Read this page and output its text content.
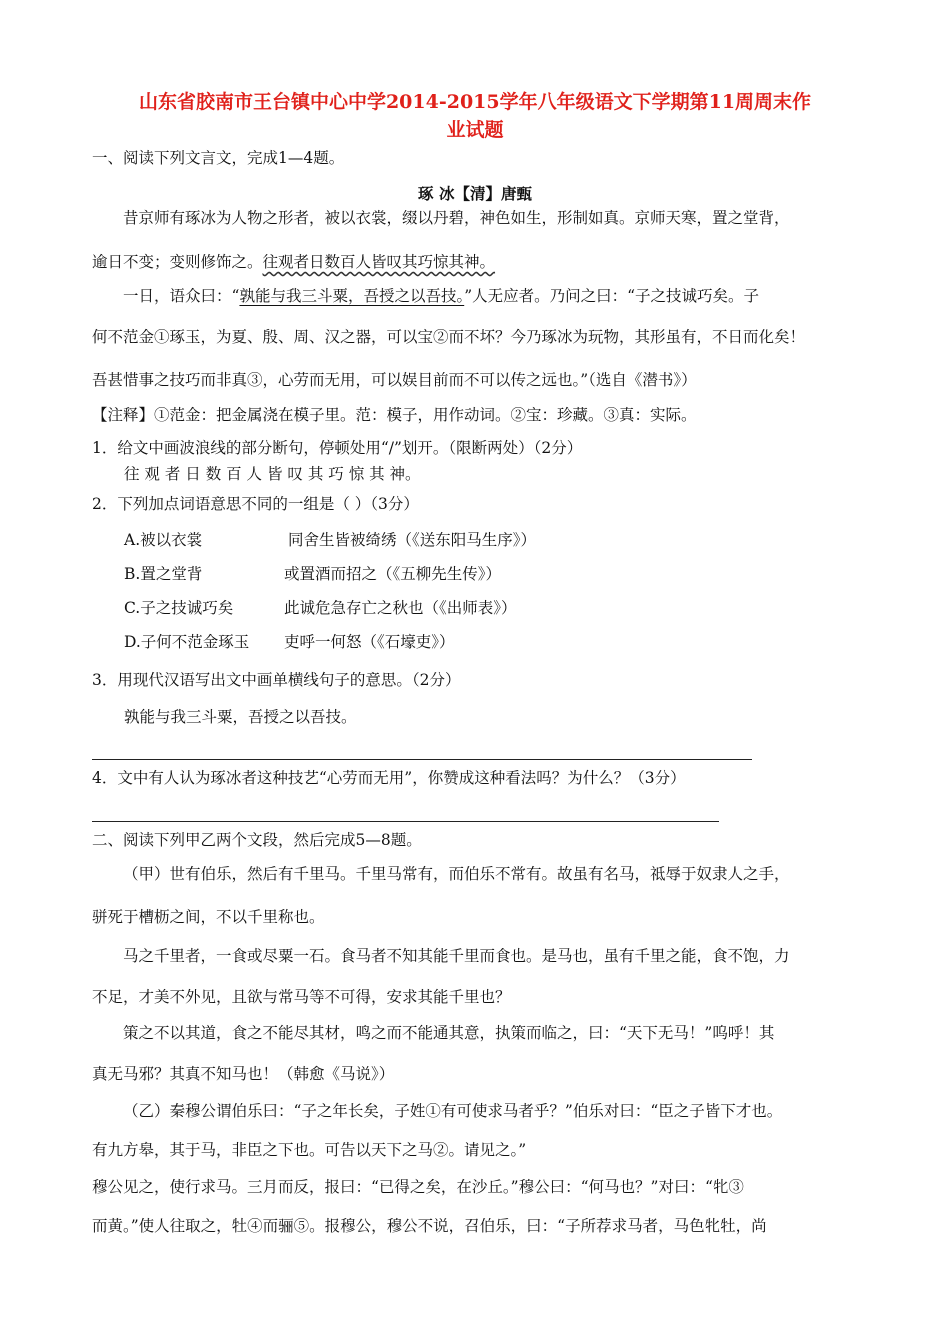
山东省胶南市王台镇中心中学2014-2015学年八年级语文下学期第11周周末作
业试题
一、阅读下列文言文，完成1—4题。
琢 冰【清】唐甄
昔京师有琢冰为人物之形者，被以衣裳，缀以丹碧，神色如生，形制如真。京师天寒，置之堂背，
逾日不变；变则修饰之。往观者日数百人皆叹其巧惊其神。
一日，语众曰：“孰能与我三斗粟，吾授之以吾技。”人无应者。乃问之曰：“子之技诚巧矣。子
何不范金①琢玉，为夏、殷、周、汉之器，可以宝②而不坏？今乃琢冰为玩物，其形虽有，不日而化矣！
吾甚惜事之技巧而非真③，心劳而无用，可以娱目前而不可以传之远也。”（选自《潜书》）
【注释】①范金：把金属浇在模子里。范：模子，用作动词。②宝：珍藏。③真：实际。
1．给文中画波浪线的部分断句，停顿处用“/”划开。（限断两处）（2分）
往 观 者 日 数 百 人 皆 叹 其 巧 惊 其 神。
2．下列加点词语意思不同的一组是（ ）（3分）
A.被以衣裳	同舍生皆被绮绣（《送东阳马生序》）
B.置之堂背	或置酒而招之（《五柳先生传》）
C.子之技诚巧矣	此诚危急存亡之秋也（《出师表》）
D.子何不范金琢玉 吏呼一何怒（《石壕吏》）
3．用现代汉语写出文中画单横线句子的意思。（2分）
孰能与我三斗粟，吾授之以吾技。
4．文中有人认为琢冰者这种技艺“心劳而无用”，你赞成这种看法吗？为什么？（3分）
二、阅读下列甲乙两个文段，然后完成5—8题。
（甲）世有伯乐，然后有千里马。千里马常有，而伯乐不常有。故虽有名马，祗辱于奴隶人之手，
骈死于槽枥之间，不以千里称也。
马之千里者，一食或尽粟一石。食马者不知其能千里而食也。是马也，虽有千里之能，食不饱，力
不足，才美不外见，且欲与常马等不可得，安求其能千里也？
策之不以其道，食之不能尽其材，鸣之而不能通其意，执策而临之，曰：“天下无马！”呜呼！其
真无马邪？其真不知马也！（韩愈《马说》）
（乙）秦穆公谓伯乐曰：“子之年长矣，子姓①有可使求马者乎？”伯乐对曰：“臣之子皆下才也。
有九方皋，其于马，非臣之下也。可告以天下之马②。请见之。”
穆公见之，使行求马。三月而反，报曰：“已得之矣，在沙丘。”穆公曰：“何马也？”对曰：“牝③
而黄。”使人往取之，牡④而骊⑤。报穆公，穆公不说，召伯乐，曰：“子所荐求马者，马色牝牡，尚
